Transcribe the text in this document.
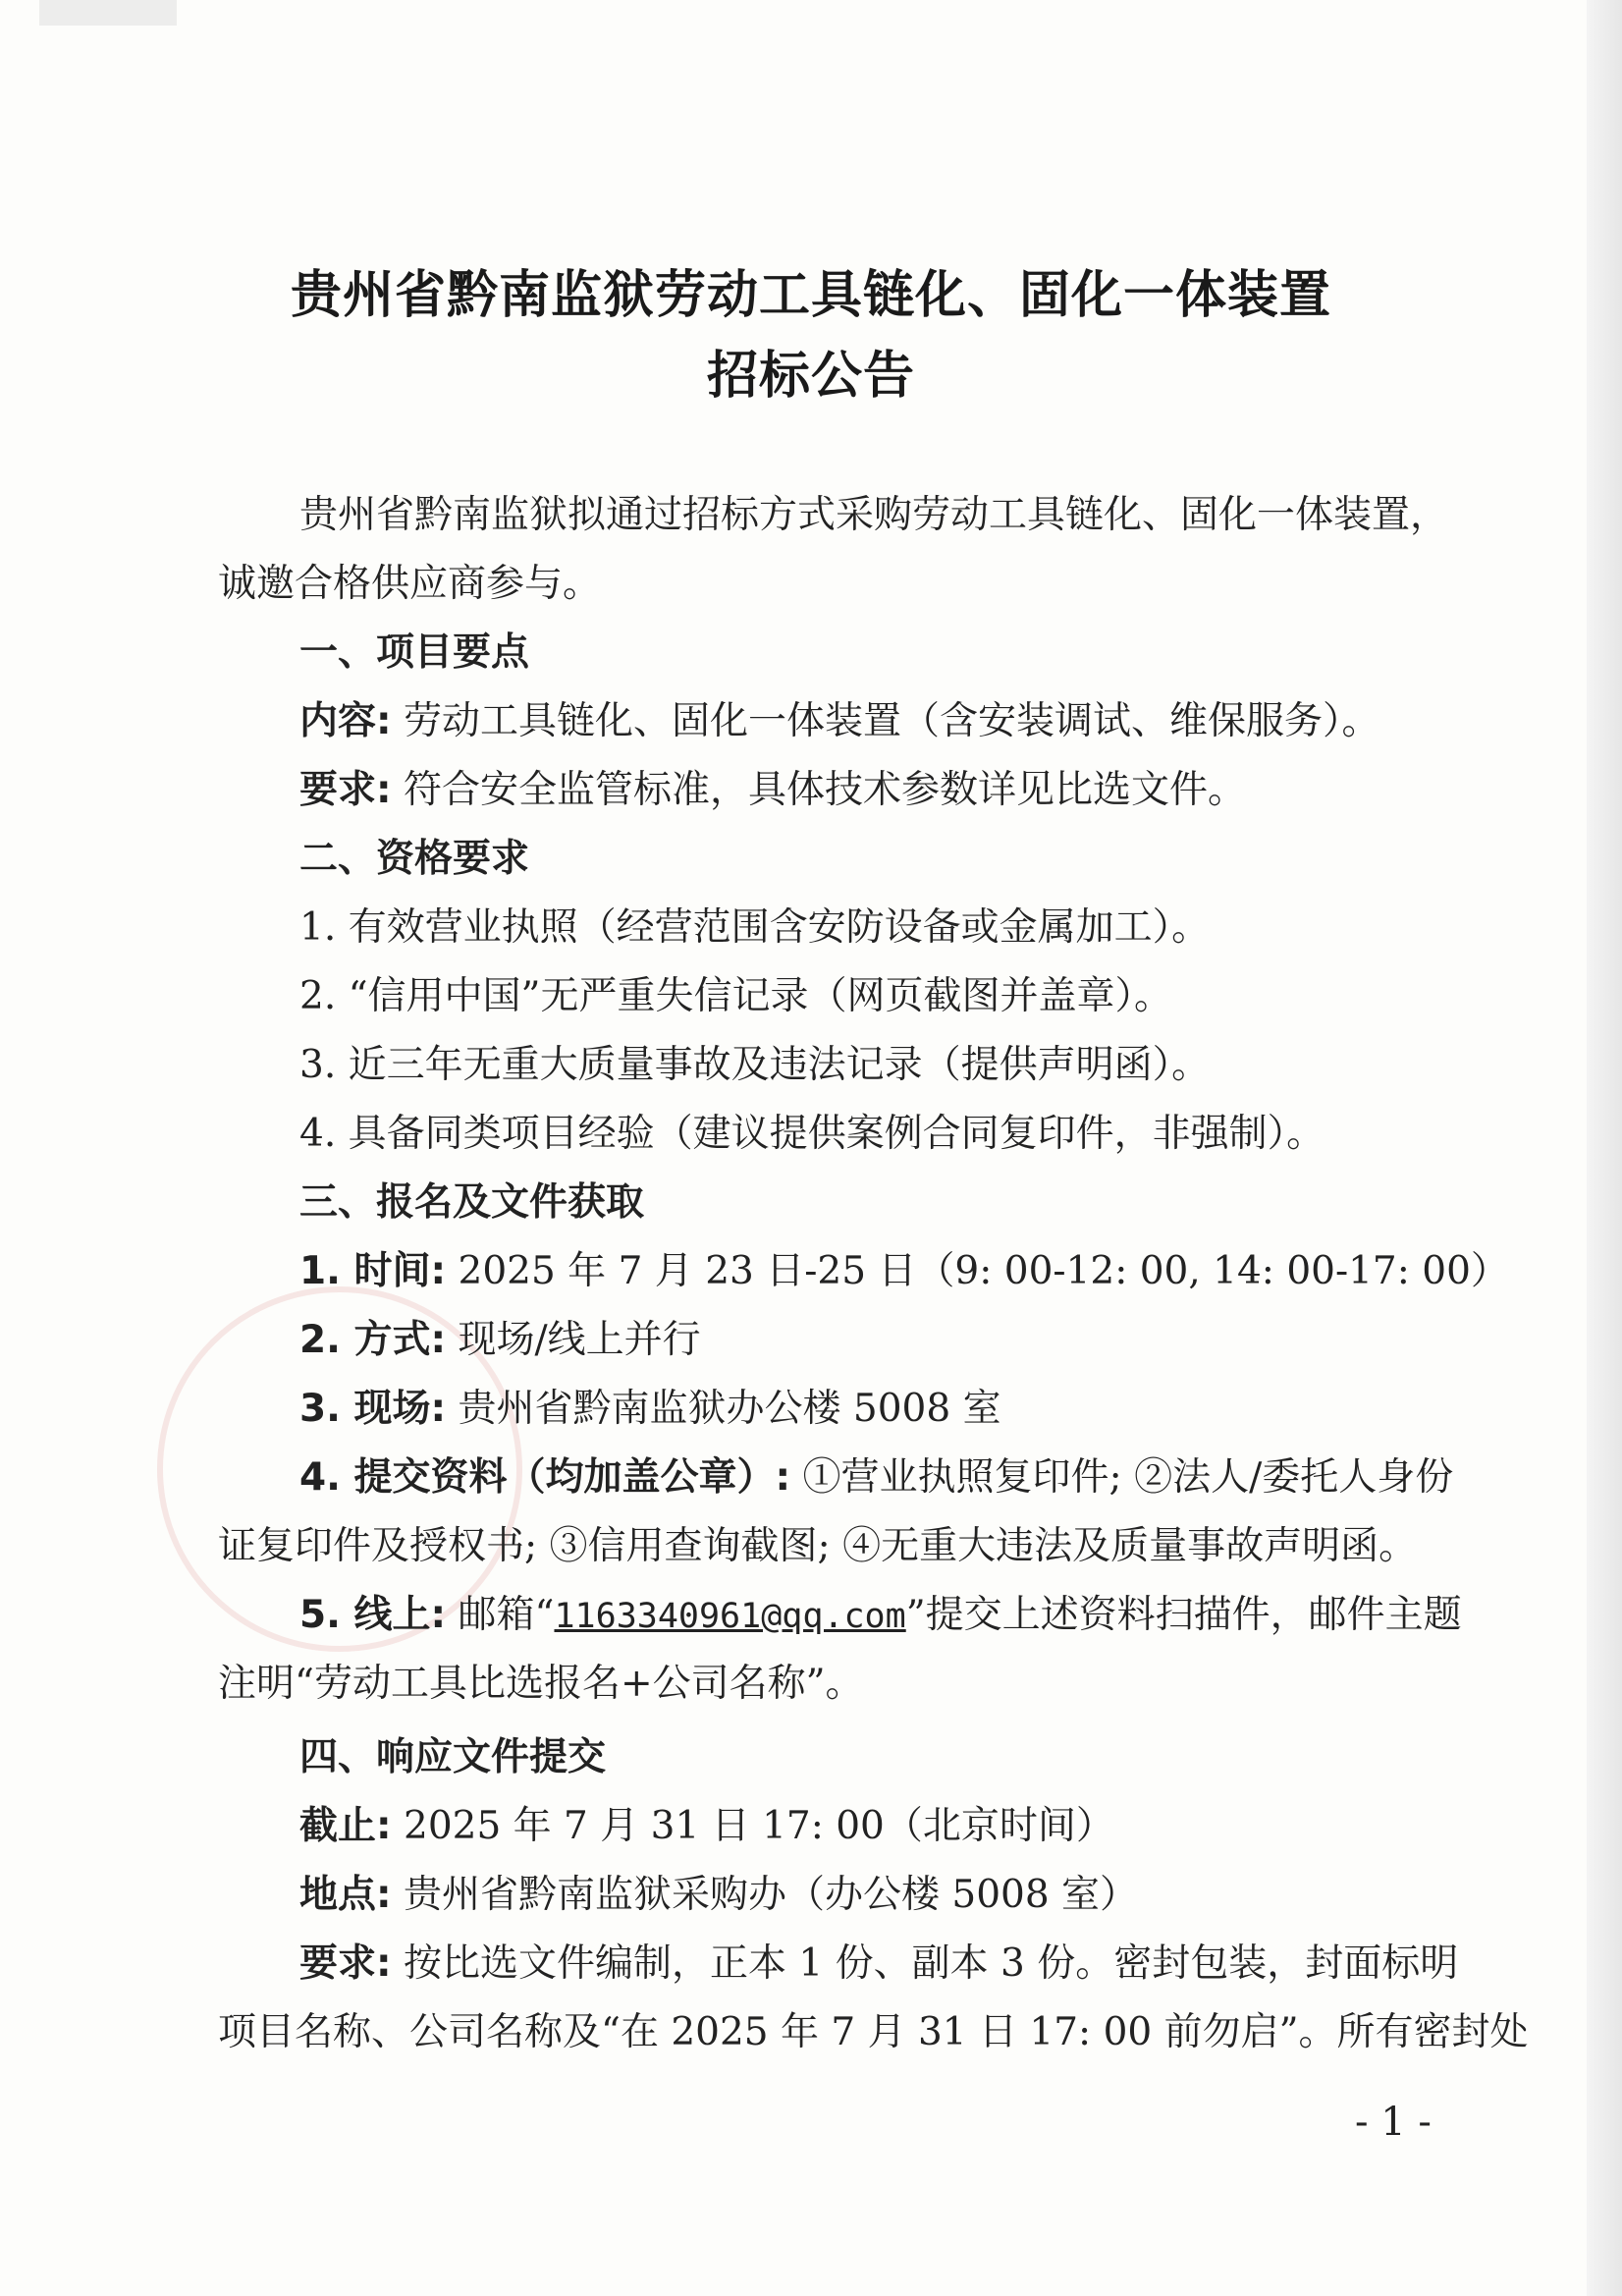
贵州省黔南监狱劳动工具链化、固化一体装置
招标公告
贵州省黔南监狱拟通过招标方式采购劳动工具链化、固化一体装置，
诚邀合格供应商参与。
一、项目要点
内容: 劳动工具链化、固化一体装置（含安装调试、维保服务）。
要求: 符合安全监管标准，具体技术参数详见比选文件。
二、资格要求
1. 有效营业执照（经营范围含安防设备或金属加工）。
2. “信用中国”无严重失信记录（网页截图并盖章）。
3. 近三年无重大质量事故及违法记录（提供声明函）。
4. 具备同类项目经验（建议提供案例合同复印件，非强制）。
三、报名及文件获取
1. 时间: 2025 年 7 月 23 日-25 日（9: 00-12: 00, 14: 00-17: 00）
2. 方式: 现场/线上并行
3. 现场: 贵州省黔南监狱办公楼 5008 室
4. 提交资料（均加盖公章）: ①营业执照复印件; ②法人/委托人身份
证复印件及授权书; ③信用查询截图; ④无重大违法及质量事故声明函。
5. 线上: 邮箱“1163340961@qq.com”提交上述资料扫描件，邮件主题
注明“劳动工具比选报名+公司名称”。
四、响应文件提交
截止: 2025 年 7 月 31 日 17: 00（北京时间）
地点: 贵州省黔南监狱采购办（办公楼 5008 室）
要求: 按比选文件编制，正本 1 份、副本 3 份。密封包装，封面标明
项目名称、公司名称及“在 2025 年 7 月 31 日 17: 00 前勿启”。所有密封处
- 1 -
